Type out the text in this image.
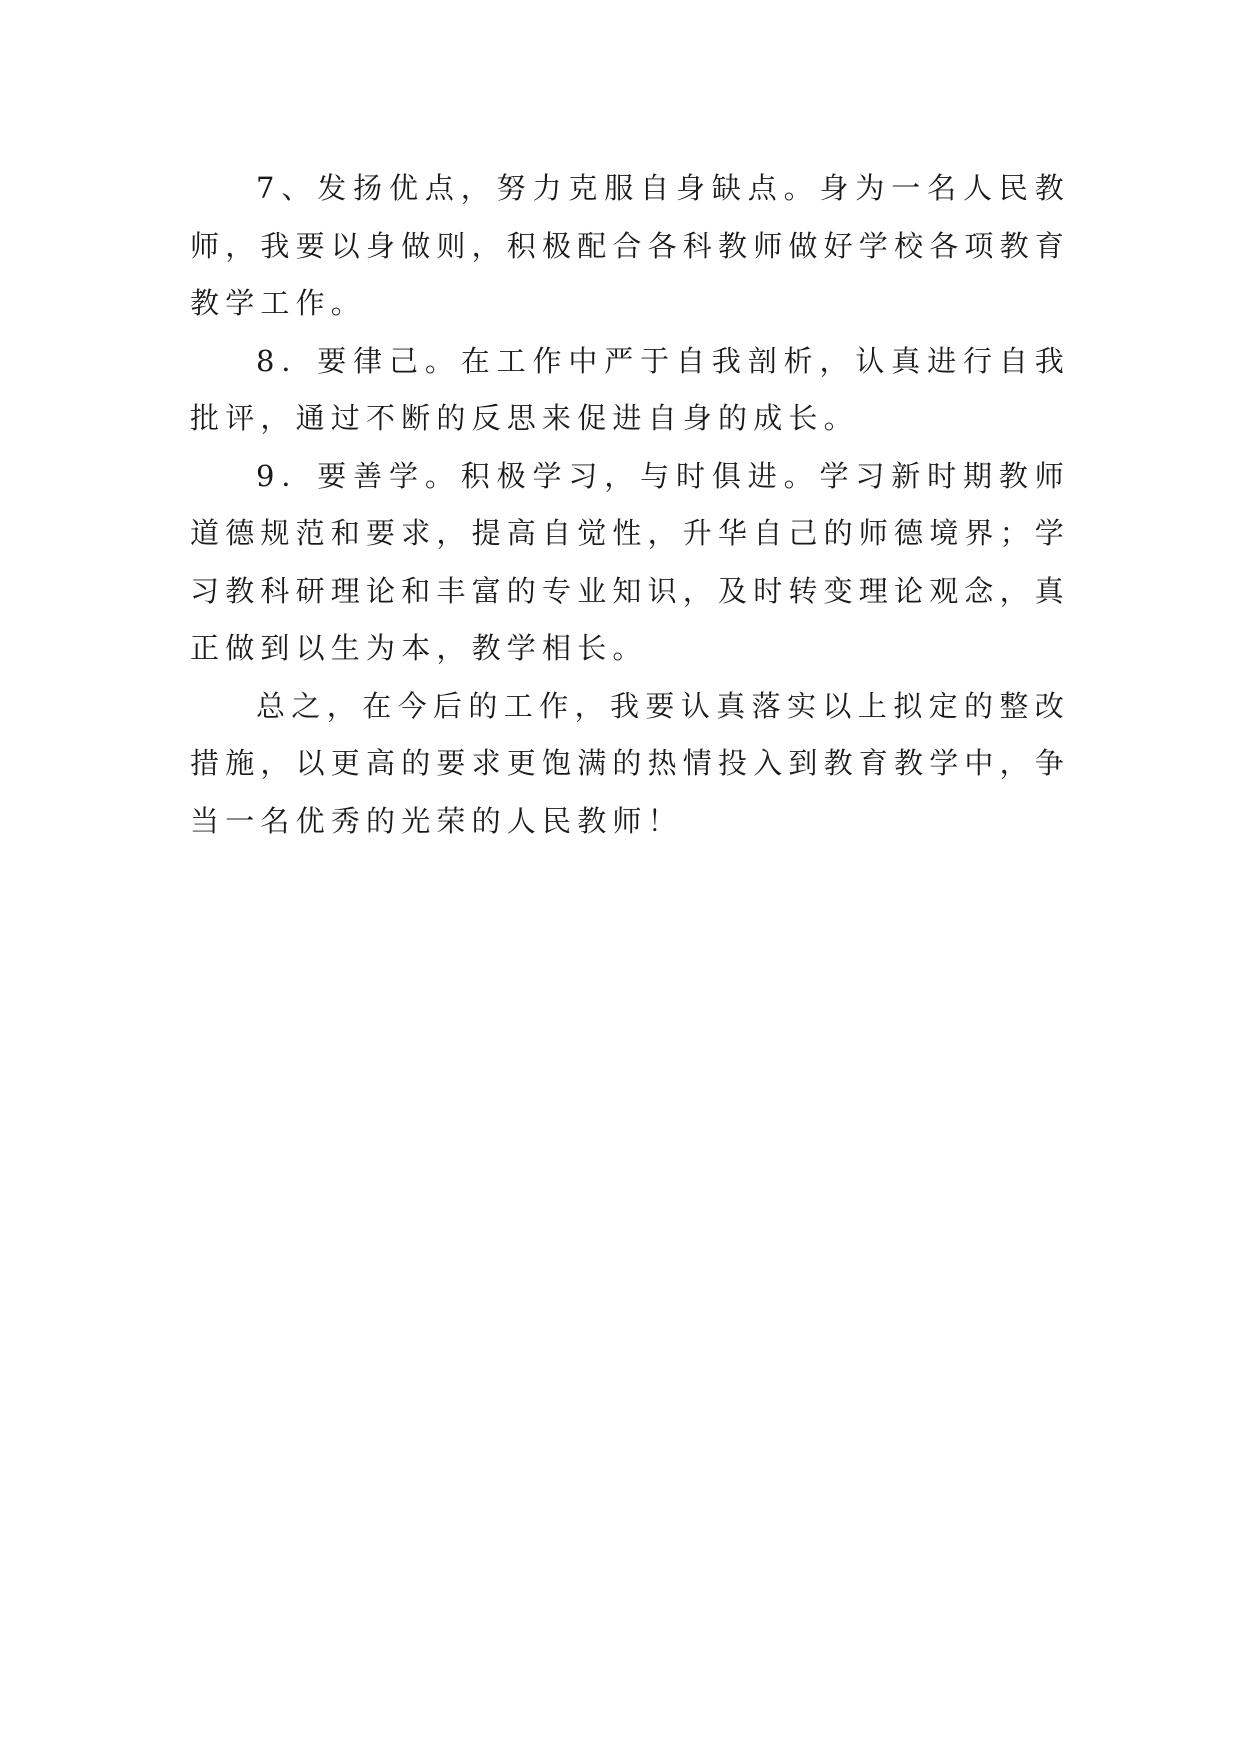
7、发扬优点，努力克服自身缺点。身为一名人民教师，我要以身做则，积极配合各科教师做好学校各项教育教学工作。

8．要律己。在工作中严于自我剖析，认真进行自我批评，通过不断的反思来促进自身的成长。

9．要善学。积极学习，与时俱进。学习新时期教师道德规范和要求，提高自觉性，升华自己的师德境界；学习教科研理论和丰富的专业知识，及时转变理论观念，真正做到以生为本，教学相长。

总之，在今后的工作，我要认真落实以上拟定的整改措施，以更高的要求更饱满的热情投入到教育教学中，争当一名优秀的光荣的人民教师！
